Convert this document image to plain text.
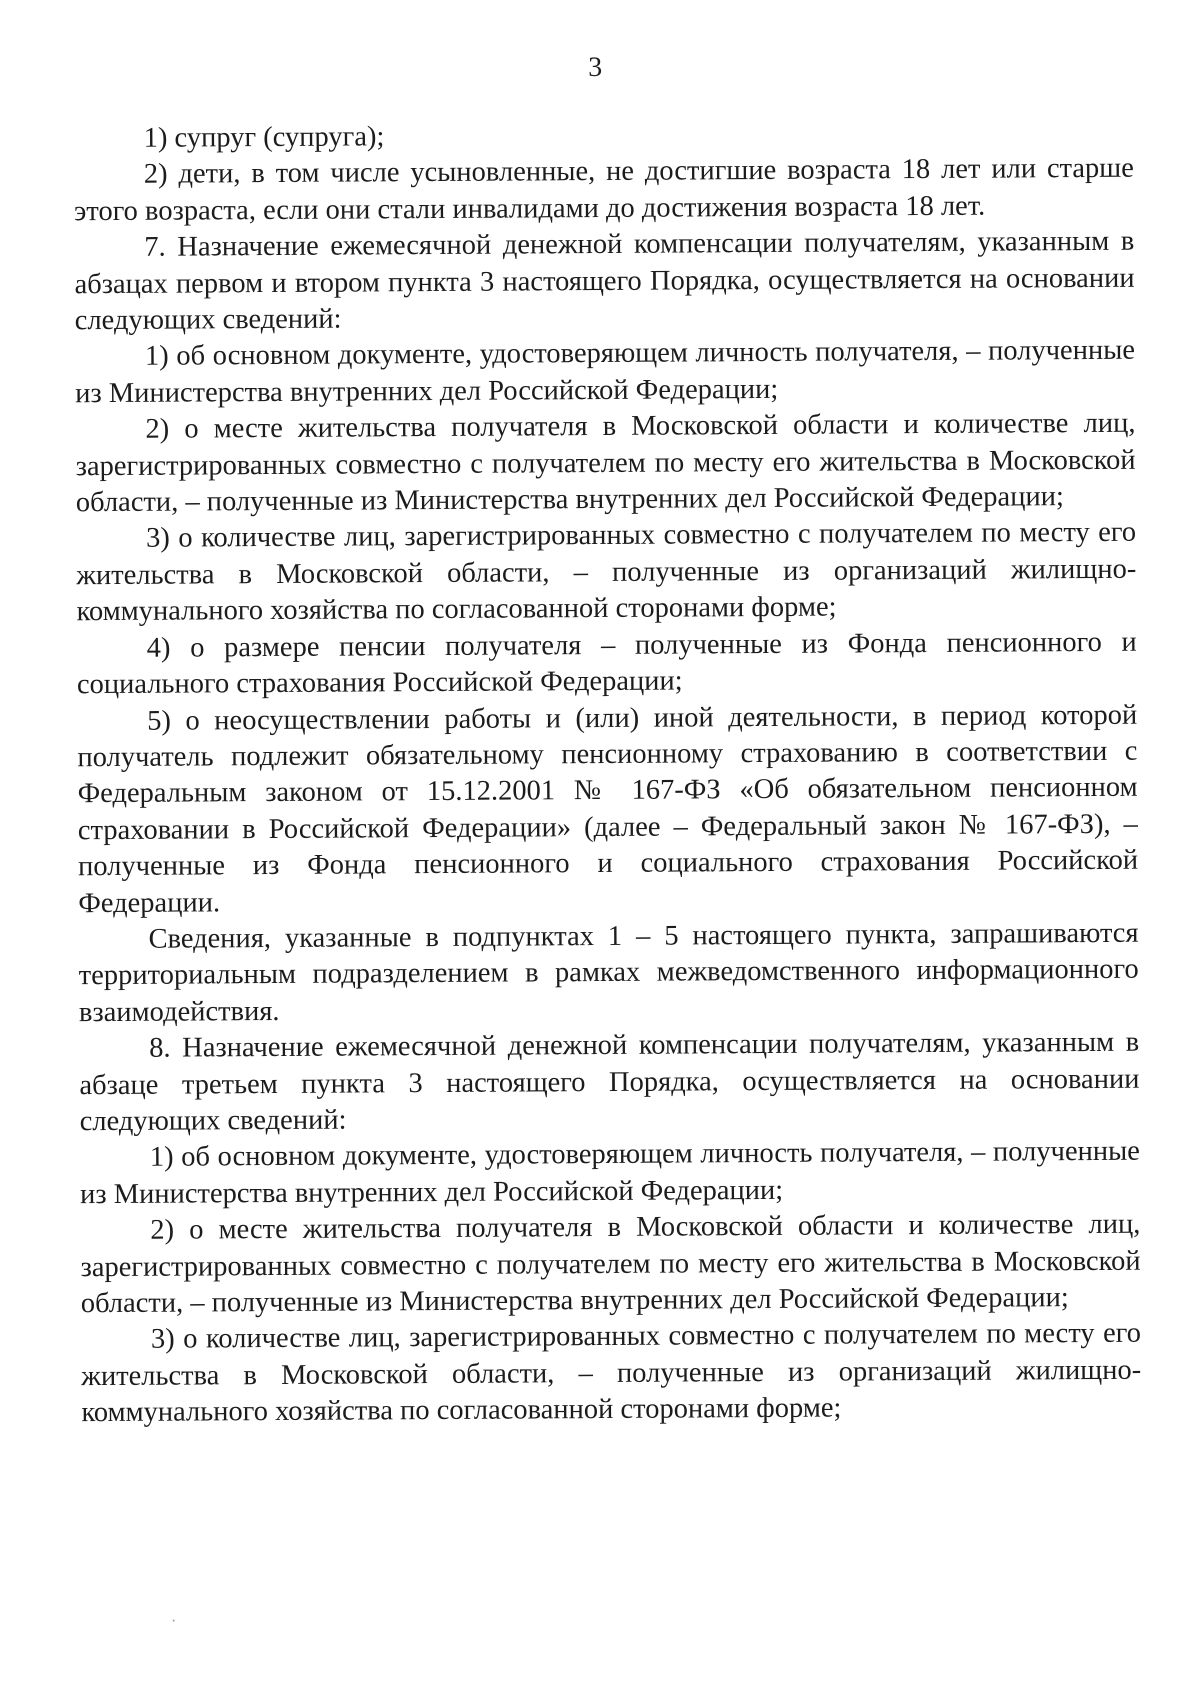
3

1) супруг (супруга);

2) дети, в том числе усыновленные, не достигшие возраста 18 лет или старше этого возраста, если они стали инвалидами до достижения возраста 18 лет.

7. Назначение ежемесячной денежной компенсации получателям, указанным в абзацах первом и втором пункта 3 настоящего Порядка, осуществляется на основании следующих сведений:

1) об основном документе, удостоверяющем личность получателя, – полученные из Министерства внутренних дел Российской Федерации;

2) о месте жительства получателя в Московской области и количестве лиц, зарегистрированных совместно с получателем по месту его жительства в Московской области, – полученные из Министерства внутренних дел Российской Федерации;

3) о количестве лиц, зарегистрированных совместно с получателем по месту его жительства в Московской области, – полученные из организаций жилищно-коммунального хозяйства по согласованной сторонами форме;

4) о размере пенсии получателя – полученные из Фонда пенсионного и социального страхования Российской Федерации;

5) о неосуществлении работы и (или) иной деятельности, в период которой получатель подлежит обязательному пенсионному страхованию в соответствии с Федеральным законом от 15.12.2001 № 167-ФЗ «Об обязательном пенсионном страховании в Российской Федерации» (далее – Федеральный закон № 167-ФЗ), – полученные из Фонда пенсионного и социального страхования Российской Федерации.

Сведения, указанные в подпунктах 1 – 5 настоящего пункта, запрашиваются территориальным подразделением в рамках межведомственного информационного взаимодействия.

8. Назначение ежемесячной денежной компенсации получателям, указанным в абзаце третьем пункта 3 настоящего Порядка, осуществляется на основании следующих сведений:

1) об основном документе, удостоверяющем личность получателя, – полученные из Министерства внутренних дел Российской Федерации;

2) о месте жительства получателя в Московской области и количестве лиц, зарегистрированных совместно с получателем по месту его жительства в Московской области, – полученные из Министерства внутренних дел Российской Федерации;

3) о количестве лиц, зарегистрированных совместно с получателем по месту его жительства в Московской области, – полученные из организаций жилищно-коммунального хозяйства по согласованной сторонами форме;
